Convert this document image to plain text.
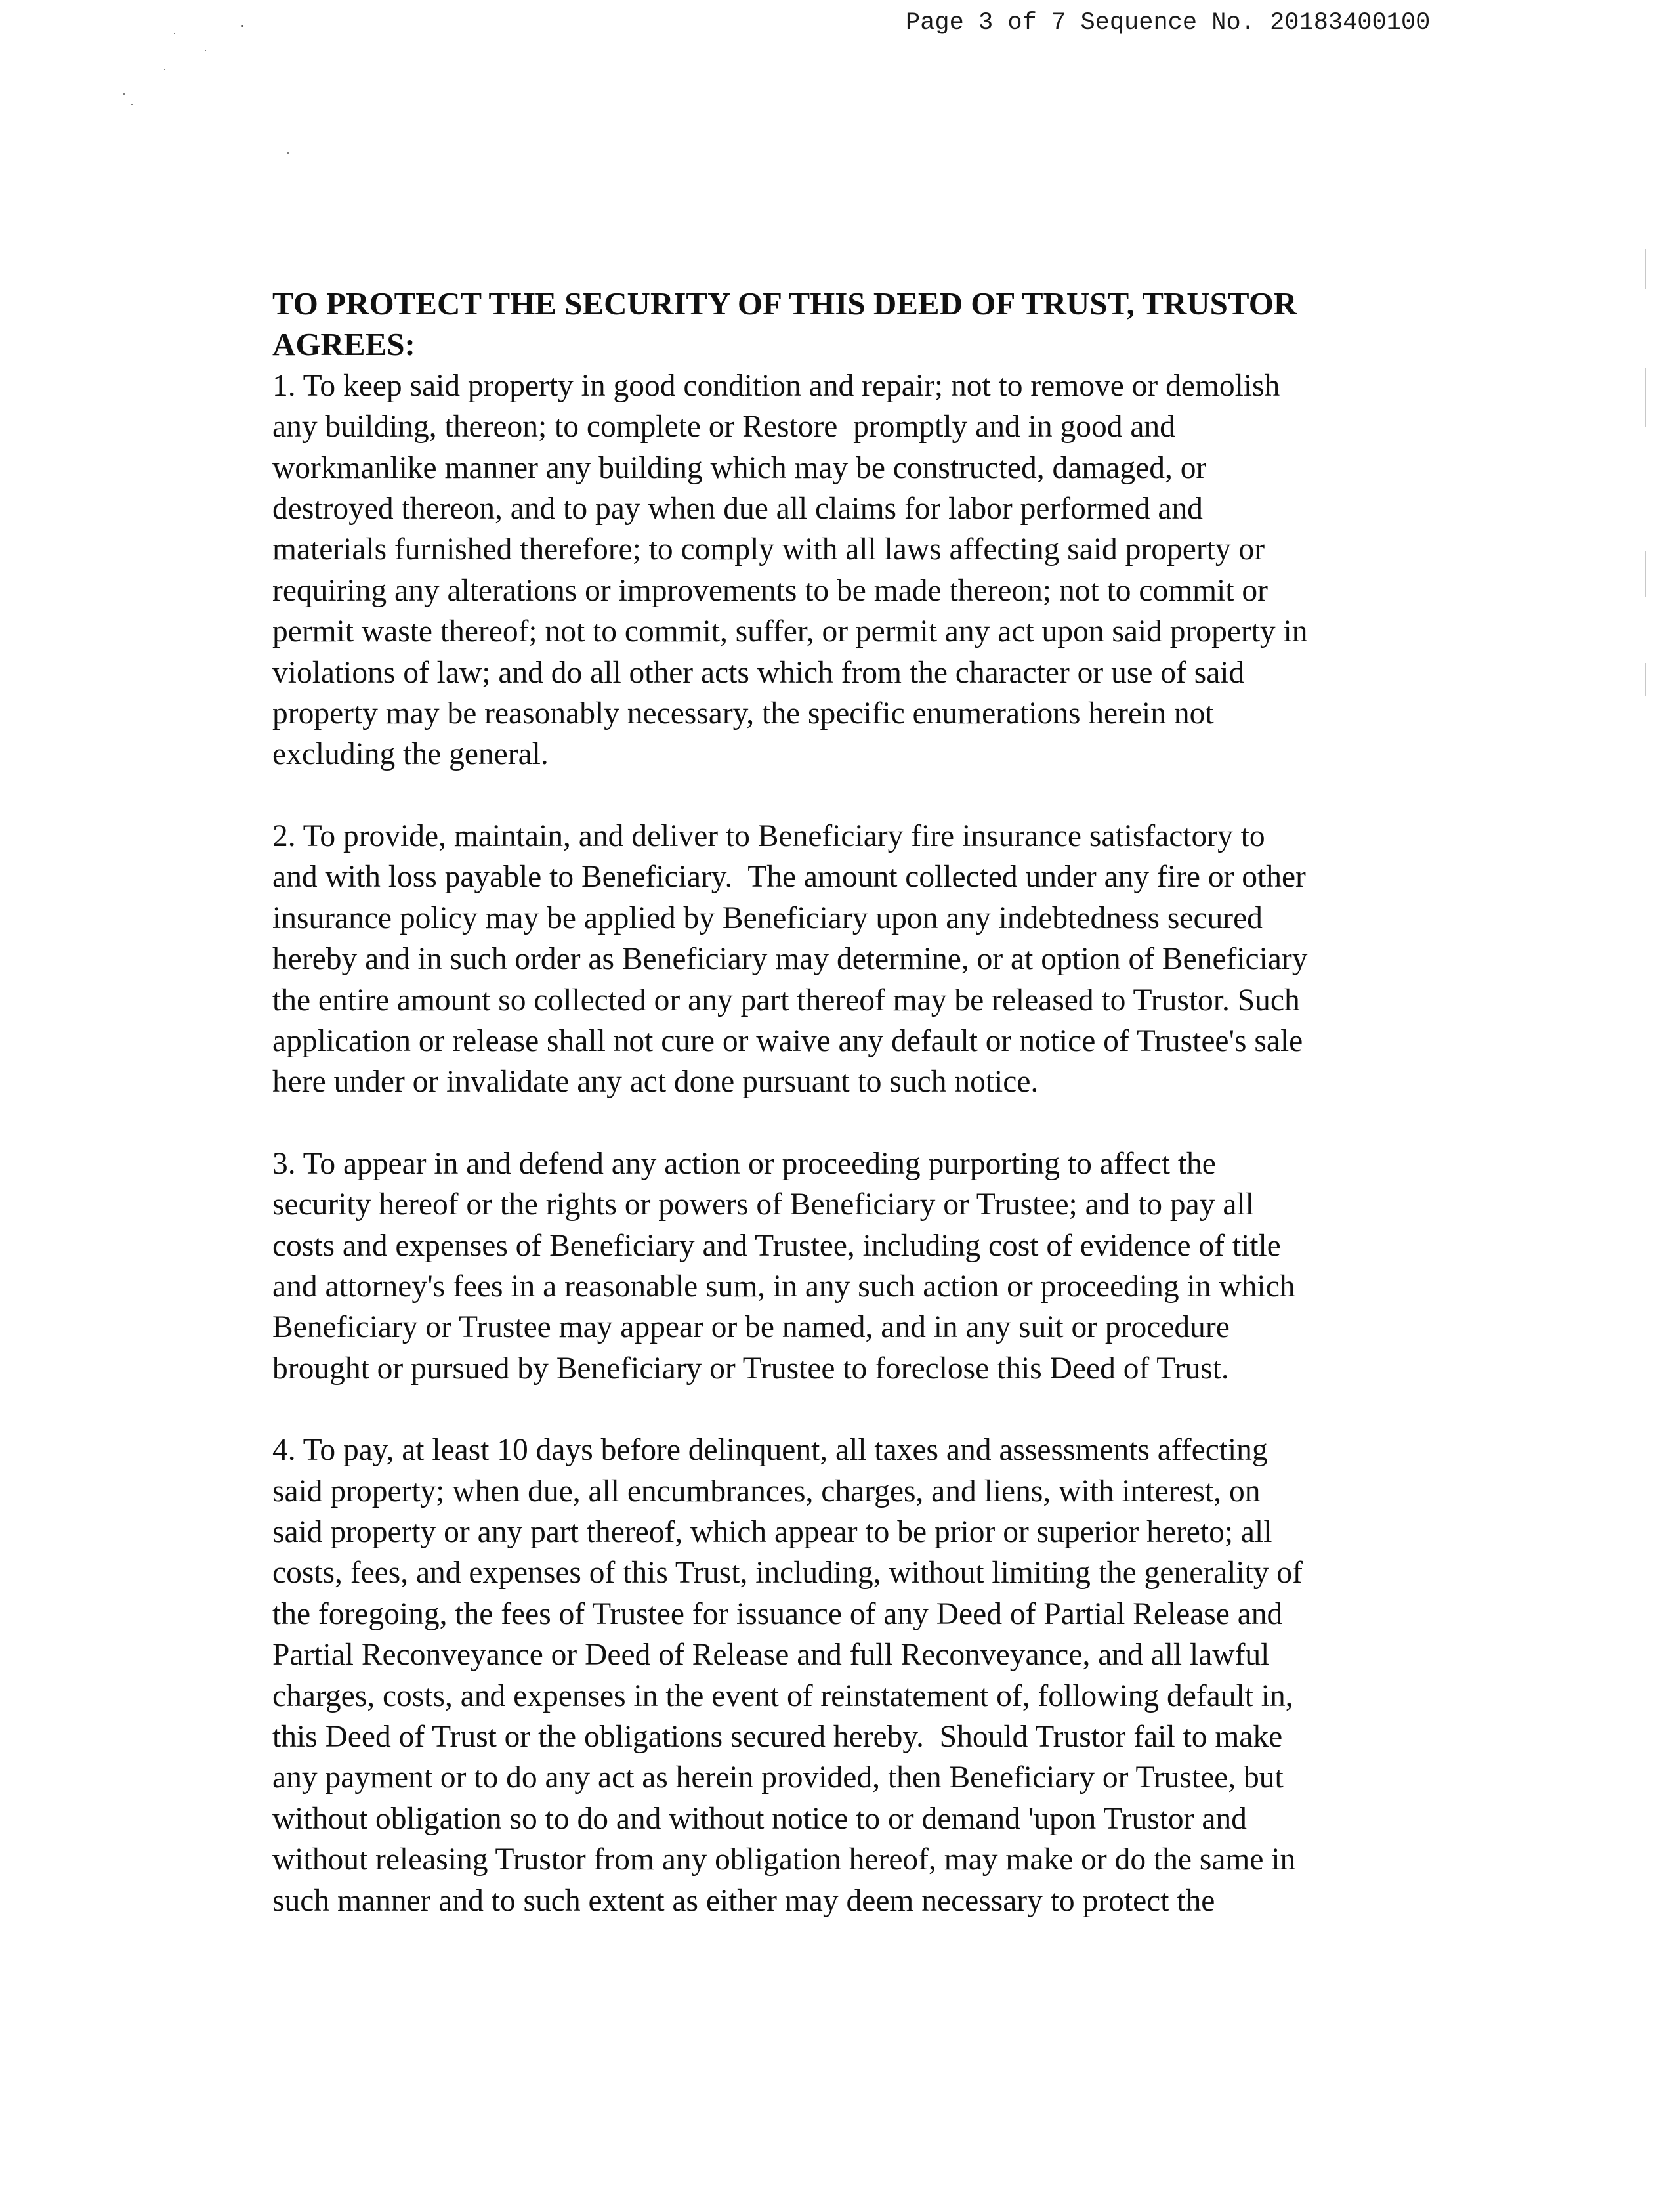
Page 3 of 7 Sequence No. 20183400100
TO PROTECT THE SECURITY OF THIS DEED OF TRUST, TRUSTOR
AGREES:
1. To keep said property in good condition and repair; not to remove or demolish
any building, thereon; to complete or Restore  promptly and in good and
workmanlike manner any building which may be constructed, damaged, or
destroyed thereon, and to pay when due all claims for labor performed and
materials furnished therefore; to comply with all laws affecting said property or
requiring any alterations or improvements to be made thereon; not to commit or
permit waste thereof; not to commit, suffer, or permit any act upon said property in
violations of law; and do all other acts which from the character or use of said
property may be reasonably necessary, the specific enumerations herein not
excluding the general.
2. To provide, maintain, and deliver to Beneficiary fire insurance satisfactory to
and with loss payable to Beneficiary.  The amount collected under any fire or other
insurance policy may be applied by Beneficiary upon any indebtedness secured
hereby and in such order as Beneficiary may determine, or at option of Beneficiary
the entire amount so collected or any part thereof may be released to Trustor. Such
application or release shall not cure or waive any default or notice of Trustee's sale
here under or invalidate any act done pursuant to such notice.
3. To appear in and defend any action or proceeding purporting to affect the
security hereof or the rights or powers of Beneficiary or Trustee; and to pay all
costs and expenses of Beneficiary and Trustee, including cost of evidence of title
and attorney's fees in a reasonable sum, in any such action or proceeding in which
Beneficiary or Trustee may appear or be named, and in any suit or procedure
brought or pursued by Beneficiary or Trustee to foreclose this Deed of Trust.
4. To pay, at least 10 days before delinquent, all taxes and assessments affecting
said property; when due, all encumbrances, charges, and liens, with interest, on
said property or any part thereof, which appear to be prior or superior hereto; all
costs, fees, and expenses of this Trust, including, without limiting the generality of
the foregoing, the fees of Trustee for issuance of any Deed of Partial Release and
Partial Reconveyance or Deed of Release and full Reconveyance, and all lawful
charges, costs, and expenses in the event of reinstatement of, following default in,
this Deed of Trust or the obligations secured hereby.  Should Trustor fail to make
any payment or to do any act as herein provided, then Beneficiary or Trustee, but
without obligation so to do and without notice to or demand 'upon Trustor and
without releasing Trustor from any obligation hereof, may make or do the same in
such manner and to such extent as either may deem necessary to protect the
